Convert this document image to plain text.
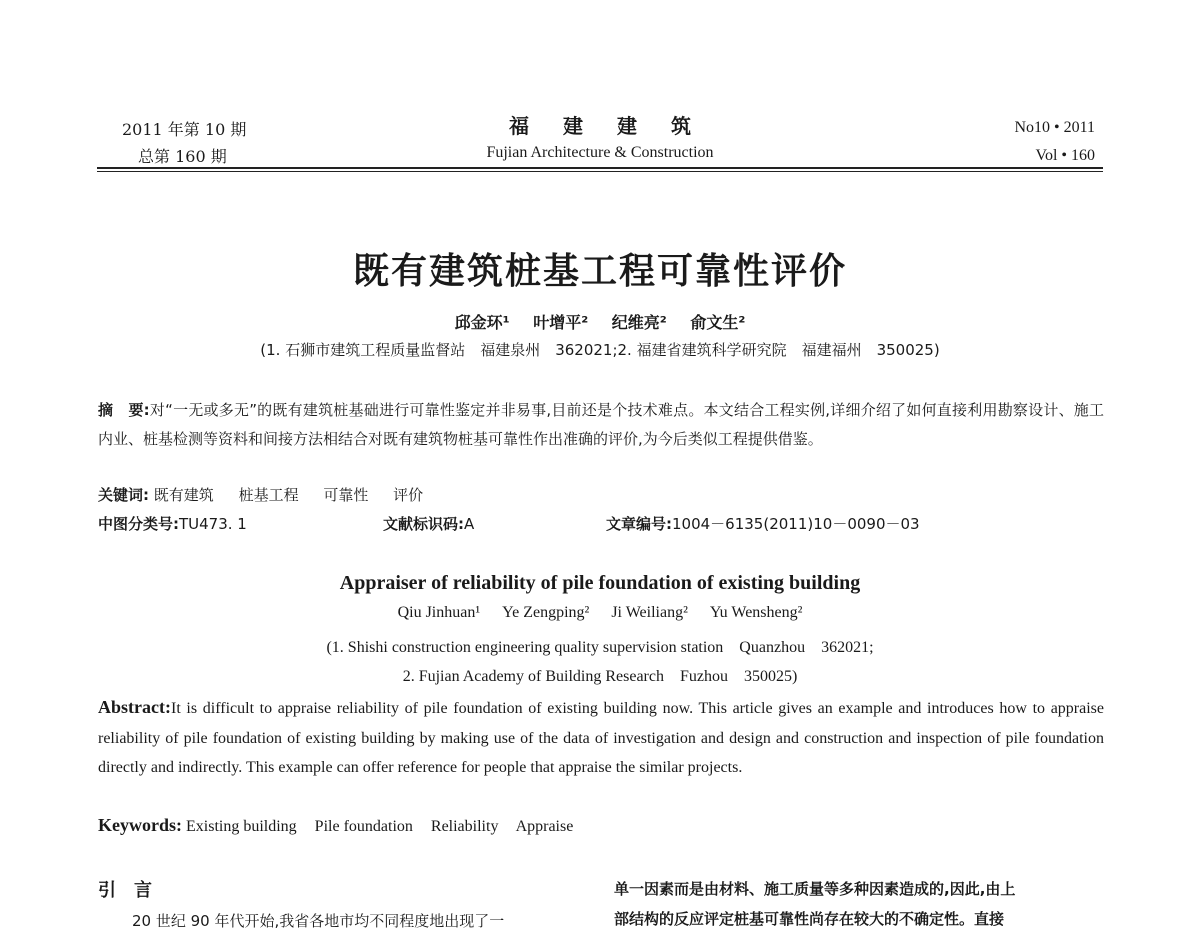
2011 年第 10 期
总第 160 期
福建建筑
Fujian Architecture & Construction
No10 • 2011
Vol • 160
既有建筑桩基工程可靠性评价
邱金环¹ 叶增平² 纪维亮² 俞文生²
(1. 石狮市建筑工程质量监督站　福建泉州　362021;2. 福建省建筑科学研究院　福建福州　350025)
摘　要:对“一无或多无”的既有建筑桩基础进行可靠性鉴定并非易事,目前还是个技术难点。本文结合工程实例,详细介绍了如何直接利用勘察设计、施工内业、桩基检测等资料和间接方法相结合对既有建筑物桩基可靠性作出准确的评价,为今后类似工程提供借鉴。
关键词: 既有建筑 桩基工程 可靠性 评价
中图分类号:TU473. 1	文献标识码:A	文章编号:1004－6135(2011)10－0090－03
Appraiser of reliability of pile foundation of existing building
Qiu Jinhuan¹ Ye Zengping² Ji Weiliang² Yu Wensheng²
(1. Shishi construction engineering quality supervision station　Quanzhou　362021;
2. Fujian Academy of Building Research　Fuzhou　350025)
Abstract:It is difficult to appraise reliability of pile foundation of existing building now. This article gives an example and introduces how to appraise reliability of pile foundation of existing building by making use of the data of investigation and design and construction and inspection of pile foundation directly and indirectly. This example can offer reference for people that appraise the similar projects.
Keywords: Existing building Pile foundation Reliability Appraise
引言
20 世纪 90 年代开始,我省各地市均不同程度地出现了一
单一因素而是由材料、施工质量等多种因素造成的,因此,由上
部结构的反应评定桩基可靠性尚存在较大的不确定性。直接
